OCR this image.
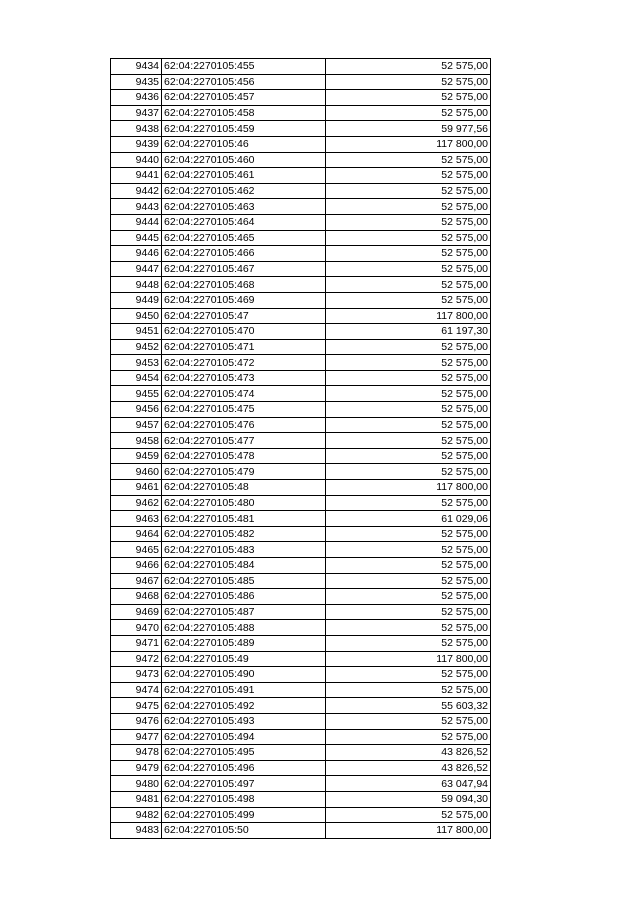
9434	62:04:2270105:455	52 575,00
9435	62:04:2270105:456	52 575,00
9436	62:04:2270105:457	52 575,00
9437	62:04:2270105:458	52 575,00
9438	62:04:2270105:459	59 977,56
9439	62:04:2270105:46	117 800,00
9440	62:04:2270105:460	52 575,00
9441	62:04:2270105:461	52 575,00
9442	62:04:2270105:462	52 575,00
9443	62:04:2270105:463	52 575,00
9444	62:04:2270105:464	52 575,00
9445	62:04:2270105:465	52 575,00
9446	62:04:2270105:466	52 575,00
9447	62:04:2270105:467	52 575,00
9448	62:04:2270105:468	52 575,00
9449	62:04:2270105:469	52 575,00
9450	62:04:2270105:47	117 800,00
9451	62:04:2270105:470	61 197,30
9452	62:04:2270105:471	52 575,00
9453	62:04:2270105:472	52 575,00
9454	62:04:2270105:473	52 575,00
9455	62:04:2270105:474	52 575,00
9456	62:04:2270105:475	52 575,00
9457	62:04:2270105:476	52 575,00
9458	62:04:2270105:477	52 575,00
9459	62:04:2270105:478	52 575,00
9460	62:04:2270105:479	52 575,00
9461	62:04:2270105:48	117 800,00
9462	62:04:2270105:480	52 575,00
9463	62:04:2270105:481	61 029,06
9464	62:04:2270105:482	52 575,00
9465	62:04:2270105:483	52 575,00
9466	62:04:2270105:484	52 575,00
9467	62:04:2270105:485	52 575,00
9468	62:04:2270105:486	52 575,00
9469	62:04:2270105:487	52 575,00
9470	62:04:2270105:488	52 575,00
9471	62:04:2270105:489	52 575,00
9472	62:04:2270105:49	117 800,00
9473	62:04:2270105:490	52 575,00
9474	62:04:2270105:491	52 575,00
9475	62:04:2270105:492	55 603,32
9476	62:04:2270105:493	52 575,00
9477	62:04:2270105:494	52 575,00
9478	62:04:2270105:495	43 826,52
9479	62:04:2270105:496	43 826,52
9480	62:04:2270105:497	63 047,94
9481	62:04:2270105:498	59 094,30
9482	62:04:2270105:499	52 575,00
9483	62:04:2270105:50	117 800,00
